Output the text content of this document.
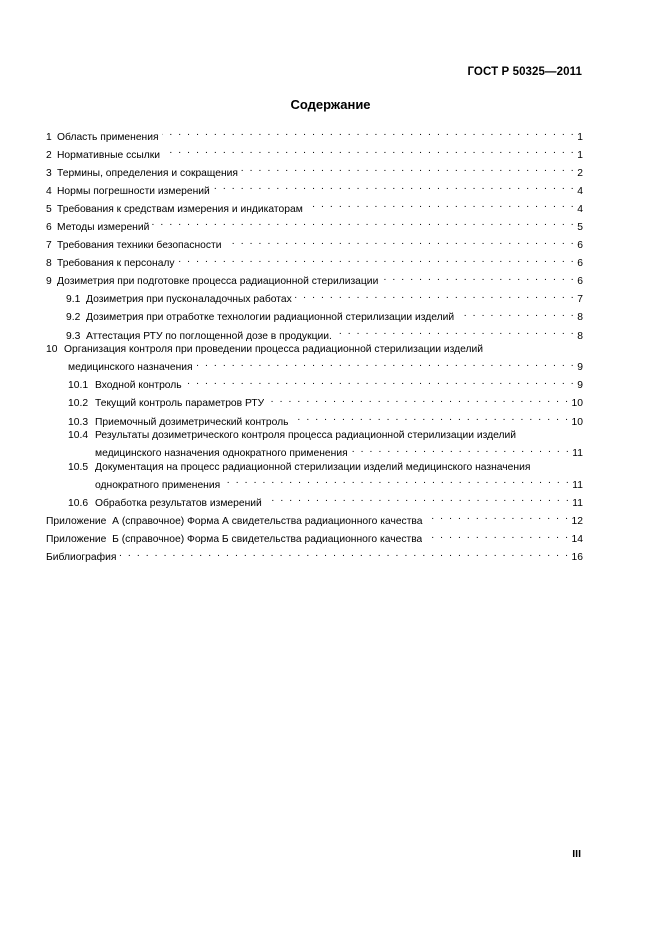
ГОСТ Р 50325—2011
Содержание
1 Область применения . . .	1
2 Нормативные ссылки . . .	1
3 Термины, определения и сокращения . . .	2
4 Нормы погрешности измерений . . .	4
5 Требования к средствам измерения и индикаторам . . .	4
6 Методы измерений . . .	5
7 Требования техники безопасности . . .	6
8 Требования к персоналу . . .	6
9 Дозиметрия при подготовке процесса радиационной стерилизации . . .	6
9.1 Дозиметрия при пусконаладочных работах . . .	7
9.2 Дозиметрия при отработке технологии радиационной стерилизации изделий . . .	8
9.3 Аттестация РТУ по поглощенной дозе в продукции. . . .	8
10 Организация контроля при проведении процесса радиационной стерилизации изделий
медицинского назначения . . .	9
10.1 Входной контроль . . .	9
10.2 Текущий контроль параметров РТУ . . .	10
10.3 Приемочный дозиметрический контроль . . .	10
10.4 Результаты дозиметрического контроля процесса радиационной стерилизации изделий
медицинского назначения однократного применения . . .	11
10.5 Документация на процесс радиационной стерилизации изделий медицинского назначения
однократного применения . . .	11
10.6 Обработка результатов измерений . . .	11
Приложение  А (справочное) Форма А свидетельства радиационного качества . . .	12
Приложение  Б (справочное) Форма Б свидетельства радиационного качества . . .	14
Библиография . . .	16
III
